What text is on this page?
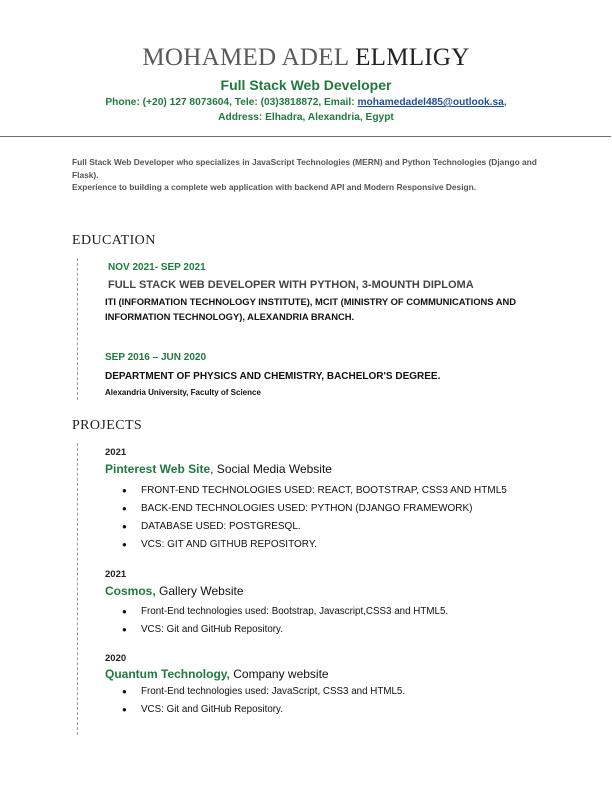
MOHAMED ADEL ELMLIGY
Full Stack Web Developer
Phone: (+20) 127 8073604, Tele: (03)3818872, Email: mohamedadel485@outlook.sa,
Address: Elhadra, Alexandria, Egypt
Full Stack Web Developer who specializes in JavaScript Technologies (MERN) and Python Technologies (Django and Flask).
Experience to building a complete web application with backend API and Modern Responsive Design.
EDUCATION
NOV 2021- SEP 2021
FULL STACK WEB DEVELOPER WITH PYTHON, 3-MOUNTH DIPLOMA
ITI (INFORMATION TECHNOLOGY INSTITUTE), MCIT (MINISTRY OF COMMUNICATIONS AND INFORMATION TECHNOLOGY), ALEXANDRIA BRANCH.
SEP 2016 – JUN 2020
DEPARTMENT OF PHYSICS AND CHEMISTRY, BACHELOR'S DEGREE.
Alexandria University, Faculty of Science
PROJECTS
2021
Pinterest Web Site, Social Media Website
● FRONT-END TECHNOLOGIES USED: REACT, BOOTSTRAP, CSS3 AND HTML5
● BACK-END TECHNOLOGIES USED: PYTHON (DJANGO FRAMEWORK)
● DATABASE USED: POSTGRESQL.
● VCS: GIT AND GITHUB REPOSITORY.
2021
Cosmos, Gallery Website
● Front-End technologies used: Bootstrap, Javascript,CSS3 and HTML5.
● VCS: Git and GitHub Repository.
2020
Quantum Technology, Company website
● Front-End technologies used: JavaScript, CSS3 and HTML5.
● VCS: Git and GitHub Repository.
